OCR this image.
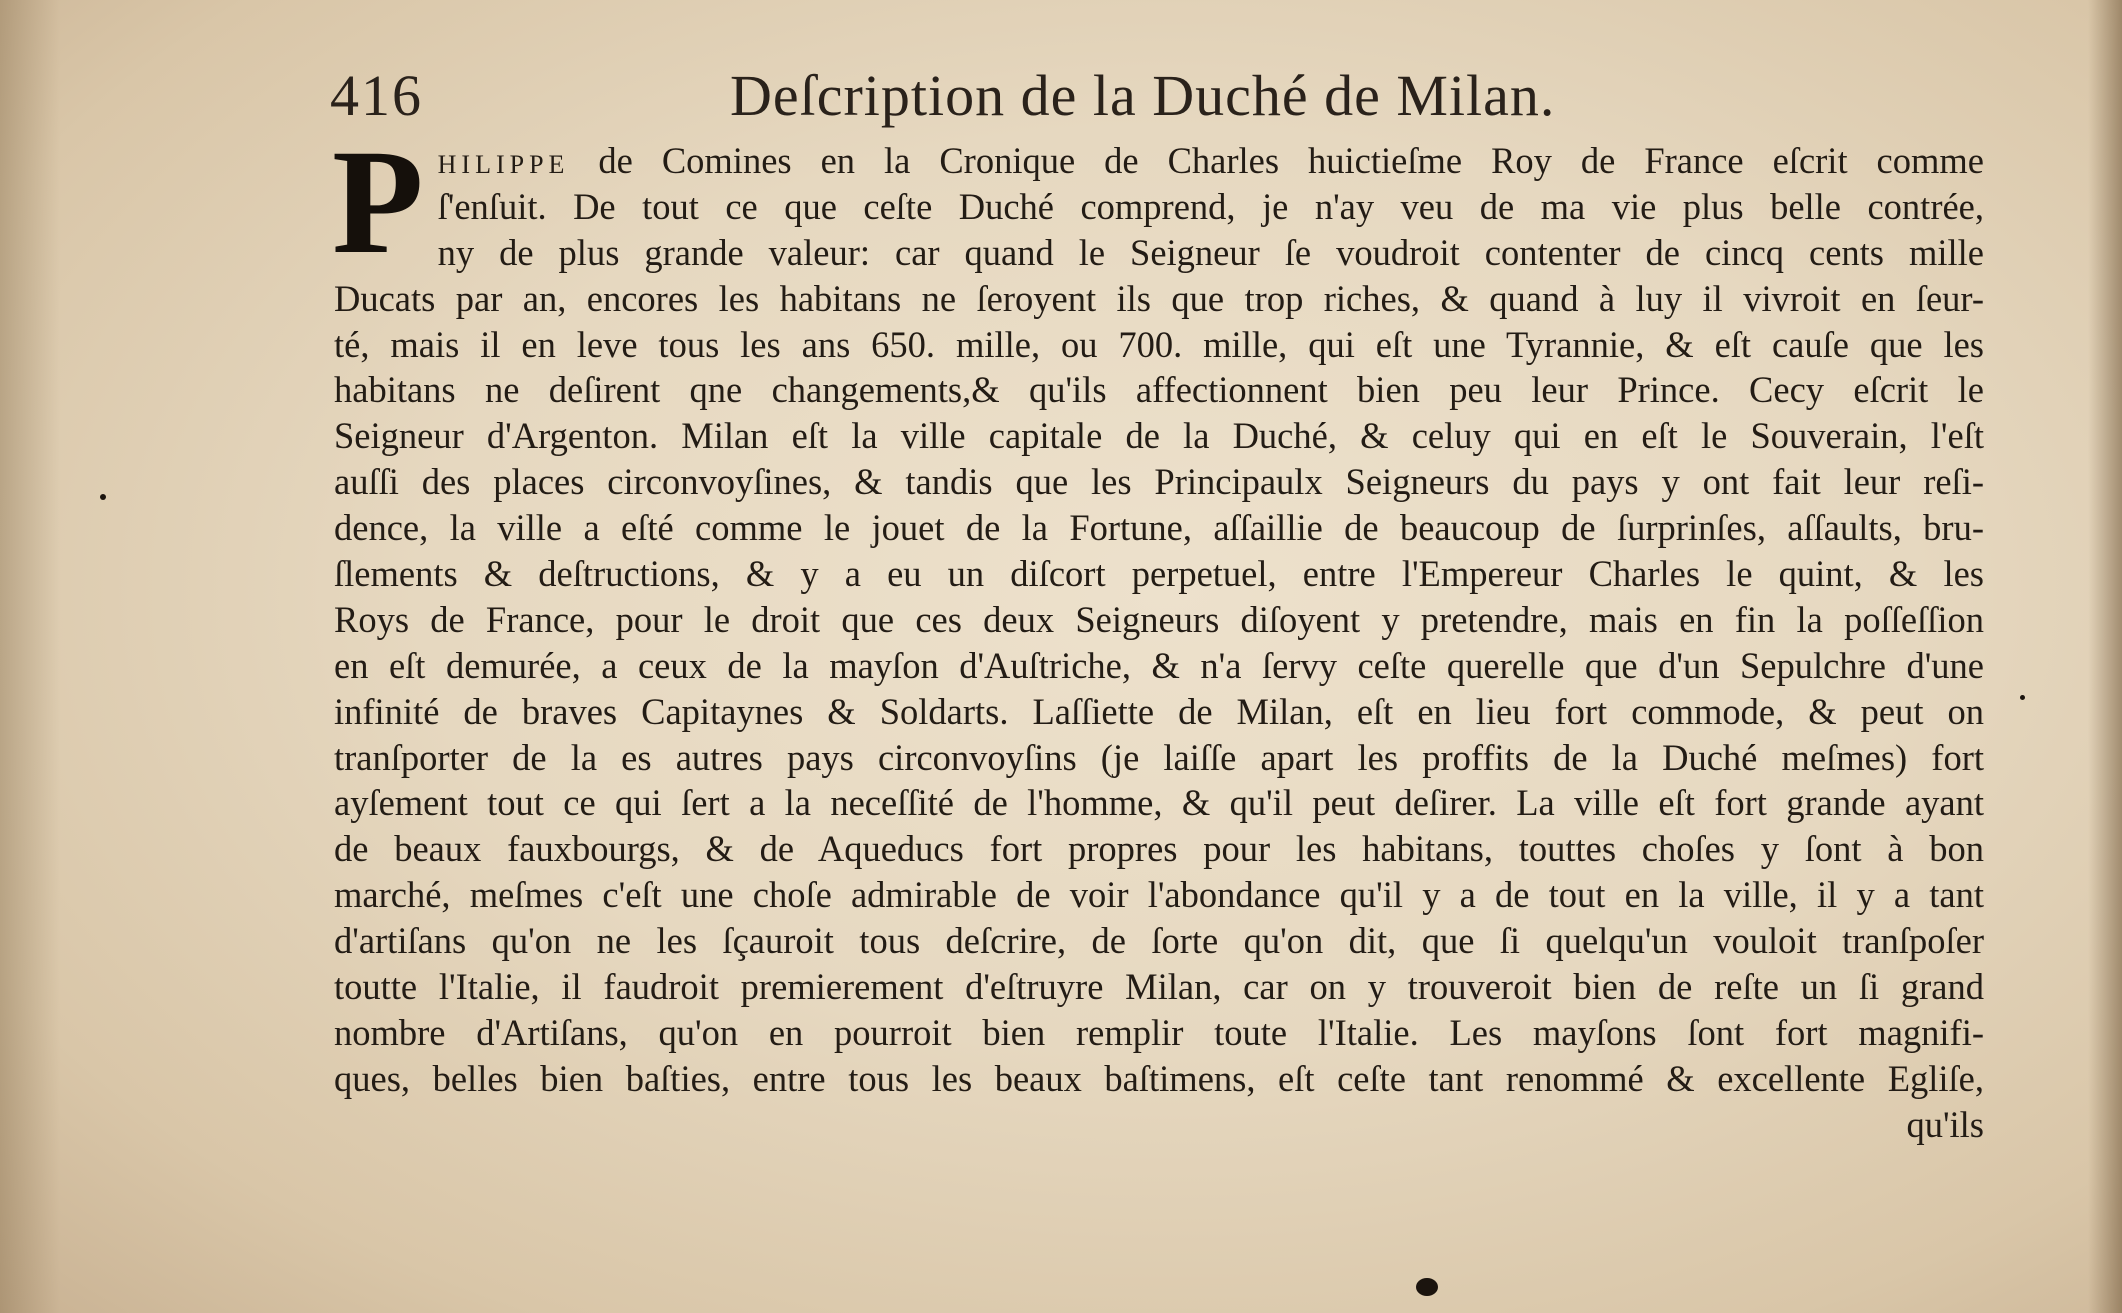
416	Deſcription de la Duché de Milan.
P HILIPPE de Comines en la Cronique de Charles huictieſme Roy de France eſcrit comme
ſ'enſuit. De tout ce que ceſte Duché comprend, je n'ay veu de ma vie plus belle contrée,
ny de plus grande valeur: car quand le Seigneur ſe voudroit contenter de cincq cents mille
Ducats par an, encores les habitans ne ſeroyent ils que trop riches, & quand à luy il vivroit en ſeur-
té, mais il en leve tous les ans 650. mille, ou 700. mille, qui eſt une Tyrannie, & eſt cauſe que les
habitans ne deſirent qne changements,& qu'ils affectionnent bien peu leur Prince. Cecy eſcrit le
Seigneur d'Argenton. Milan eſt la ville capitale de la Duché, & celuy qui en eſt le Souverain, l'eſt
auſſi des places circonvoyſines, & tandis que les Principaulx Seigneurs du pays y ont fait leur reſi-
dence, la ville a eſté comme le jouet de la Fortune, aſſaillie de beaucoup de ſurprinſes, aſſaults, bru-
ſlements & deſtructions, & y a eu un diſcort perpetuel, entre l'Empereur Charles le quint, & les
Roys de France, pour le droit que ces deux Seigneurs diſoyent y pretendre, mais en fin la poſſeſſion
en eſt demurée, a ceux de la mayſon d'Auſtriche, & n'a ſervy ceſte querelle que d'un Sepulchre d'une
infinité de braves Capitaynes & Soldarts. Laſſiette de Milan, eſt en lieu fort commode, & peut on
tranſporter de la es autres pays circonvoyſins (je laiſſe apart les proffits de la Duché meſmes) fort
ayſement tout ce qui ſert a la neceſſité de l'homme, & qu'il peut deſirer. La ville eſt fort grande ayant
de beaux fauxbourgs, & de Aqueducs fort propres pour les habitans, touttes choſes y ſont à bon
marché, meſmes c'eſt une choſe admirable de voir l'abondance qu'il y a de tout en la ville, il y a tant
d'artiſans qu'on ne les ſçauroit tous deſcrire, de ſorte qu'on dit, que ſi quelqu'un vouloit tranſpoſer
toutte l'Italie, il faudroit premierement d'eſtruyre Milan, car on y trouveroit bien de reſte un ſi grand
nombre d'Artiſans, qu'on en pourroit bien remplir toute l'Italie. Les mayſons ſont fort magnifi-
ques, belles bien baſties, entre tous les beaux baſtimens, eſt ceſte tant renommé & excellente Egliſe,
qu'ils
